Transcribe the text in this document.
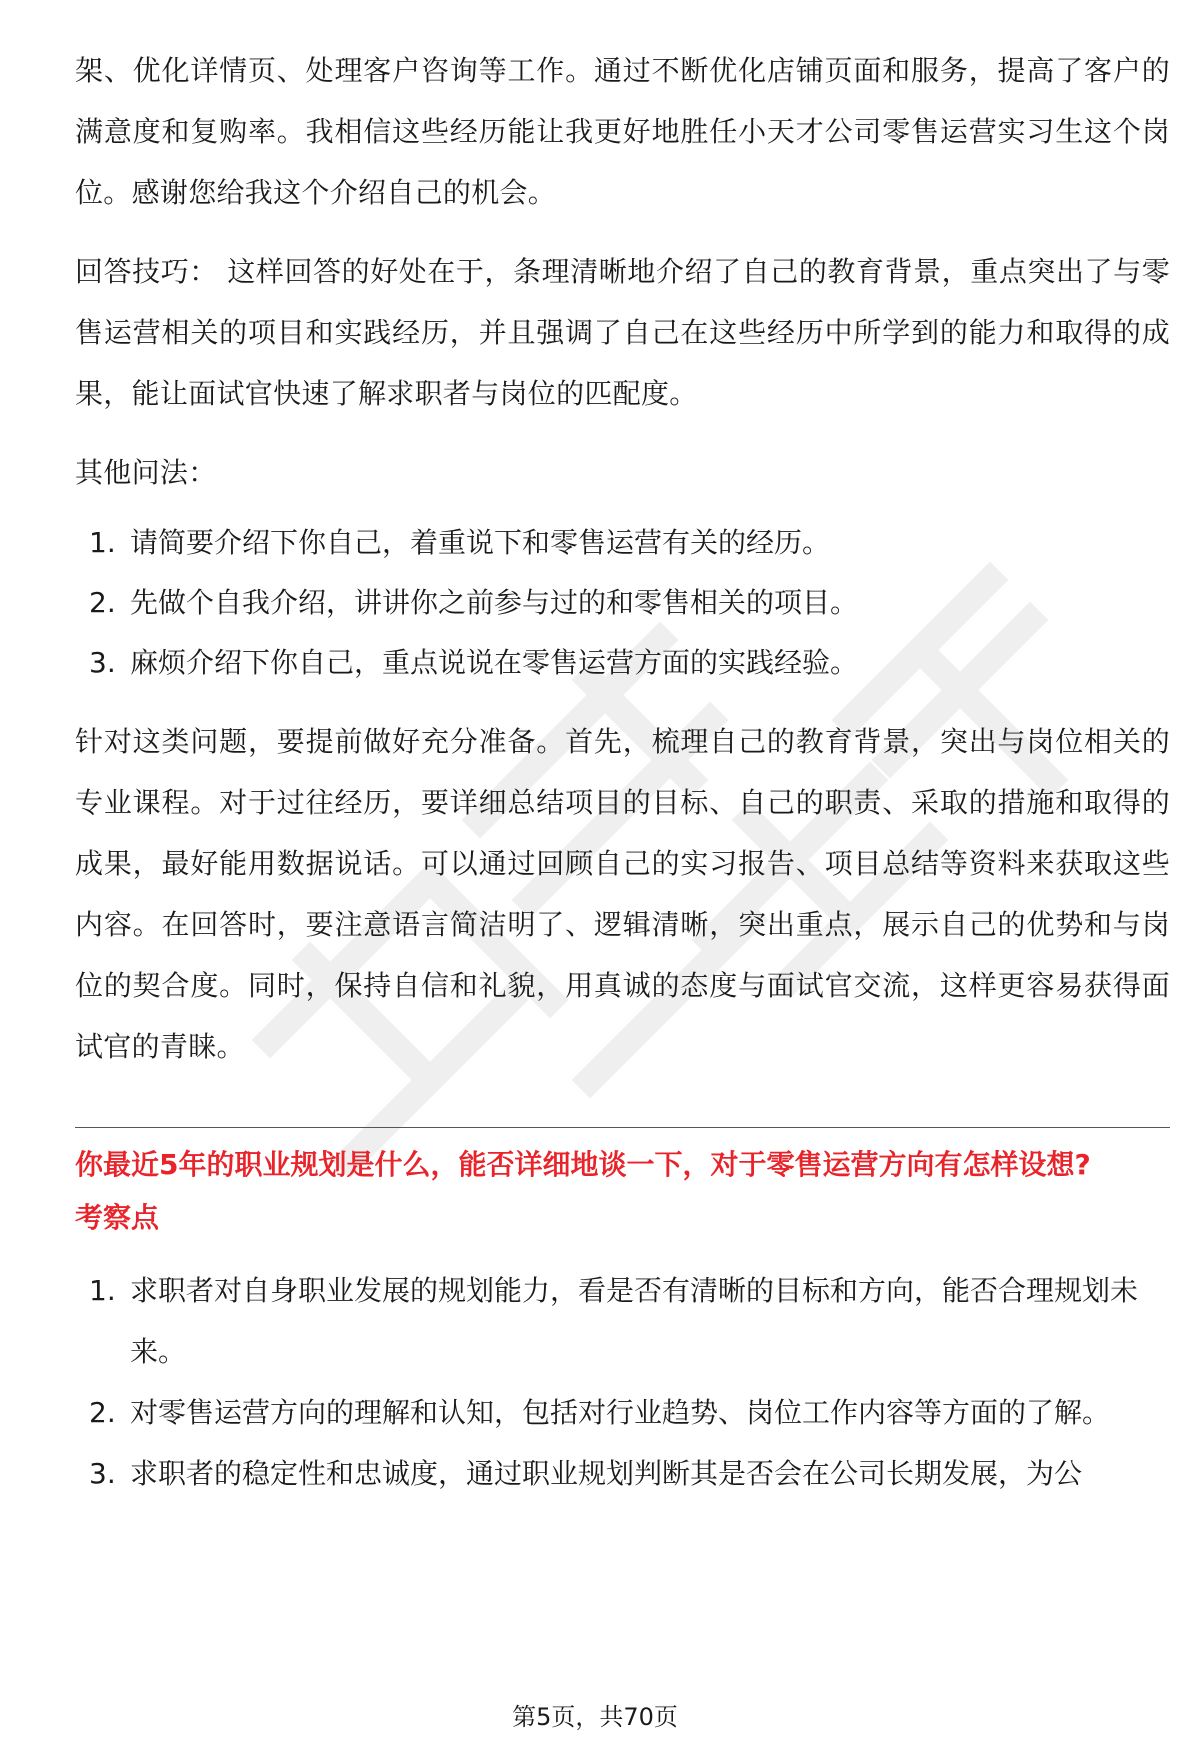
架、优化详情页、处理客户咨询等工作。通过不断优化店铺页面和服务，提高了客户的满意度和复购率。我相信这些经历能让我更好地胜任小天才公司零售运营实习生这个岗位。感谢您给我这个介绍自己的机会。

回答技巧： 这样回答的好处在于，条理清晰地介绍了自己的教育背景，重点突出了与零售运营相关的项目和实践经历，并且强调了自己在这些经历中所学到的能力和取得的成果，能让面试官快速了解求职者与岗位的匹配度。

其他问法：

1. 请简要介绍下你自己，着重说下和零售运营有关的经历。
2. 先做个自我介绍，讲讲你之前参与过的和零售相关的项目。
3. 麻烦介绍下你自己，重点说说在零售运营方面的实践经验。

针对这类问题，要提前做好充分准备。首先，梳理自己的教育背景，突出与岗位相关的专业课程。对于过往经历，要详细总结项目的目标、自己的职责、采取的措施和取得的成果，最好能用数据说话。可以通过回顾自己的实习报告、项目总结等资料来获取这些内容。在回答时，要注意语言简洁明了、逻辑清晰，突出重点，展示自己的优势和与岗位的契合度。同时，保持自信和礼貌，用真诚的态度与面试官交流，这样更容易获得面试官的青睐。

你最近5年的职业规划是什么，能否详细地谈一下，对于零售运营方向有怎样设想?
考察点
1. 求职者对自身职业发展的规划能力，看是否有清晰的目标和方向，能否合理规划未来。
2. 对零售运营方向的理解和认知，包括对行业趋势、岗位工作内容等方面的了解。
3. 求职者的稳定性和忠诚度，通过职业规划判断其是否会在公司长期发展，为公
第5页，共70页
